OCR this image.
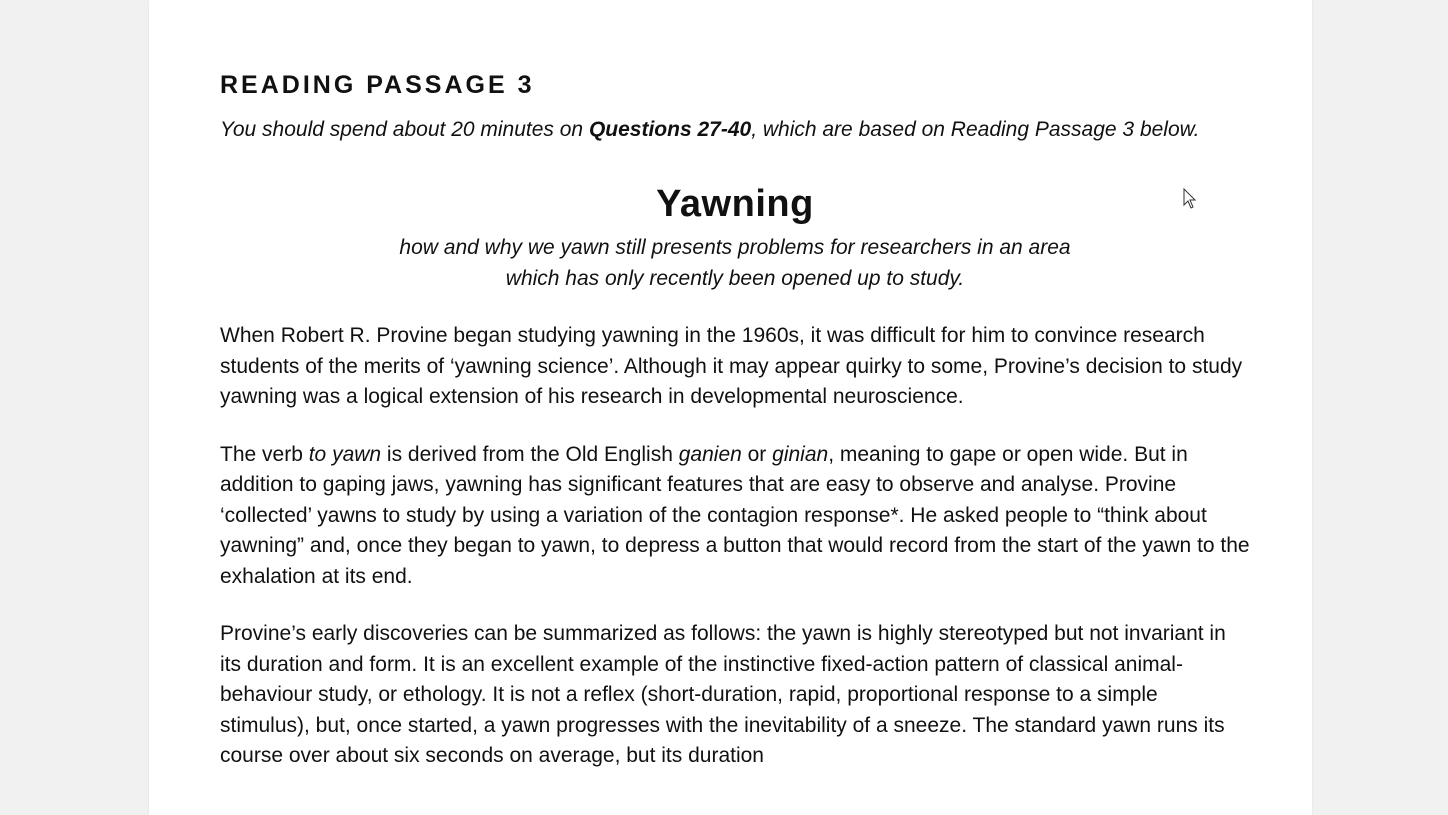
READING PASSAGE 3

You should spend about 20 minutes on Questions 27-40, which are based on Reading Passage 3 below.

Yawning

how and why we yawn still presents problems for researchers in an area
which has only recently been opened up to study.

When Robert R. Provine began studying yawning in the 1960s, it was difficult for him to convince research students of the merits of ‘yawning science’. Although it may appear quirky to some, Provine’s decision to study yawning was a logical extension of his research in developmental neuroscience.

The verb to yawn is derived from the Old English ganien or ginian, meaning to gape or open wide. But in addition to gaping jaws, yawning has significant features that are easy to observe and analyse. Provine ‘collected’ yawns to study by using a variation of the contagion response*. He asked people to “think about yawning” and, once they began to yawn, to depress a button that would record from the start of the yawn to the exhalation at its end.

Provine’s early discoveries can be summarized as follows: the yawn is highly stereotyped but not invariant in its duration and form. It is an excellent example of the instinctive fixed-action pattern of classical animal-behaviour study, or ethology. It is not a reflex (short-duration, rapid, proportional response to a simple stimulus), but, once started, a yawn progresses with the inevitability of a sneeze. The standard yawn runs its course over about six seconds on average, but its duration
